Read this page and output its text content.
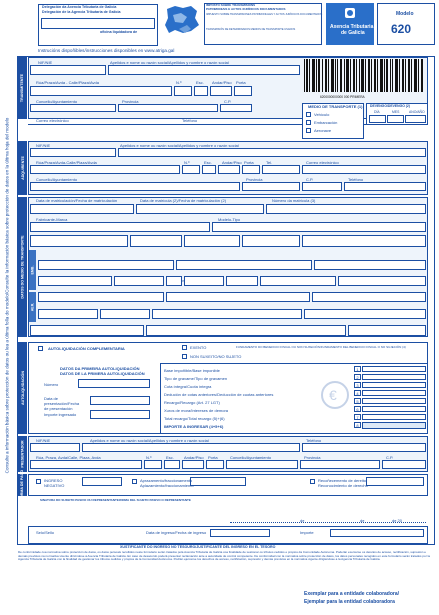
Delegación da Axencia Tributaria de Galicia
Delegación de la Agencia Tributaria de Galicia
oficina liquidadora de
IMPOSTO SOBRE TRANSMISIÓNS
PATRIMONIAIS E ACTOS XURÍDICOS DOCUMENTADOS
IMPUESTO SOBRE TRANSMISIONES PATRIMONIALES Y ACTOS JURÍDICOS DOCUMENTADOS
TRANSMISIÓN DE DETERMINADOS MEDIOS DE TRANSPORTE USADOS	Axencia Tributaria
de Galicia
Modelo
620
Instrucións dispoñibles/instrucciones disponibles en www.atriga.gal
Consulte a información básica sobre protección de datos ou lea a última folla do modelo/Consulte la información básica sobre protección de datos en la última hoja del modelo
TRANSMITENTE
NIF/NIE	Apelidos e nome ou razón social/Apellidos y nombre o razón social
Rúa/Praza/Avda - Calle/Plaza/Avda	N.º	Esc. Andar/Piso Porta
Concello/Ayuntamiento	Provincia	C.P.
Correo electrónico	Teléfono
6200000000000 000 PRIMERA
MEDIO DE TRANSPORTE (1)
Vehículo
Embarcación
Aeronave
DEVENGO/DEVENGO (2)
DÍA	MES	ANO/AÑO
ADQUIRENTE
NIF/NIE	Apelidos e nome ou razón social/Apellidos y nombre o razón social
Rúa/Praza/Avda-Calle/Plaza/Avda	N.º	Esc.	Andar/Piso Porta	Tel.	Correo electrónico
Concello/Ayuntamiento	Provincia	C.P.	Teléfono
DATOS DO MEDIO DE TRANSPORTE
Data de matriculación/Fecha de matriculación	Data de matrícula (2)/Fecha de matriculación (2)	Número da matrícula (3)
Fabricante-Marca	Modelo-Tipo
EMB.
AER.
AUTOLIQUIDACIÓN
AUTOLIQUIDACIÓN COMPLEMENTARIA	EXENTO
NON SUXEITO/NO SUJETO
FUNDAMENTO DO BENEFICIO FISCAL OU NON SUXECIÓN/FUNDAMENTO DEL BENEFICIO FISCAL O NO SUJECIÓN (4)
DATOS DA PRIMEIRA AUTOLIQUIDACIÓN
DATOS DE LA PRIMERA AUTOLIQUIDACIÓN
Número
Data de presentación/Fecha de presentación
Importe ingresado
Base impoñible/Base imponible
Tipo de gravame/Tipo de gravamen
Cota íntegra/Cuota íntegra
Dedución de cotas anteriores/Deducción de cuotas anteriores
Recargo/Recargo (Art. 27 LGT)
Xuros de mora/Intereses de demora
Total recargo/Total recargo (5)+(6)
IMPORTE A INGRESAR (4+5+6)
1
2
3
4
5
6
7
8
€
PRESENTADOR	NIF/NIE	Apelidos e nome ou razón social/Apellidos y nombre o razón social	Teléfono
Rúa, Praza, Avda/Calle, Plaza, Avda	N.º	Esc.	Andar/Piso Porta	Concello/Ayuntamiento	Provincia	C.P.
FORMA DE PAGO	INGRESO
NEGATIVO
Aprazamento/fraccionamento
Aplazamiento/fraccionamiento
Recoñecemento de dereito
Reconocimiento de derecho
SINATURA DO SUXEITO PASIVO OU REPRESENTANTE/FIRMA DEL SUJETO PASIVO O REPRESENTANTE
de	de	de 20
Selo/Sello	Data de ingreso/Fecha de ingreso	Importe
XUSTIFICANTE DO INGRESO NO TESOURO/JUSTIFICANTE DEL INGRESO EN EL TESORO
De conformidade coa normativa sobre protección de datos, os datos persoais recollidos neste formulario serán tratados pola Axencia Tributaria de Galicia coa finalidade de xestionar os tributos cedidos e propios da Comunidade Autónoma. Poderán exercerse os dereitos de acceso, rectificación, supresión e demais previstos na normativa vixente dirixíndose á Axencia Tributaria de Galicia. En caso de desacordo poderá presentar reclamación ante a autoridade de control competente. De conformidad con la normativa sobre protección de datos, los datos personales recogidos en este formulario serán tratados por la Agencia Tributaria de Galicia con la finalidad de gestionar los tributos cedidos y propios de la Comunidad Autónoma. Podrán ejercerse los derechos de acceso, rectificación, supresión y demás previstos en la normativa vigente dirigiéndose a la Agencia Tributaria de Galicia.
Exemplar para a entidade colaboradora/
Ejemplar para la entidad colaboradora
